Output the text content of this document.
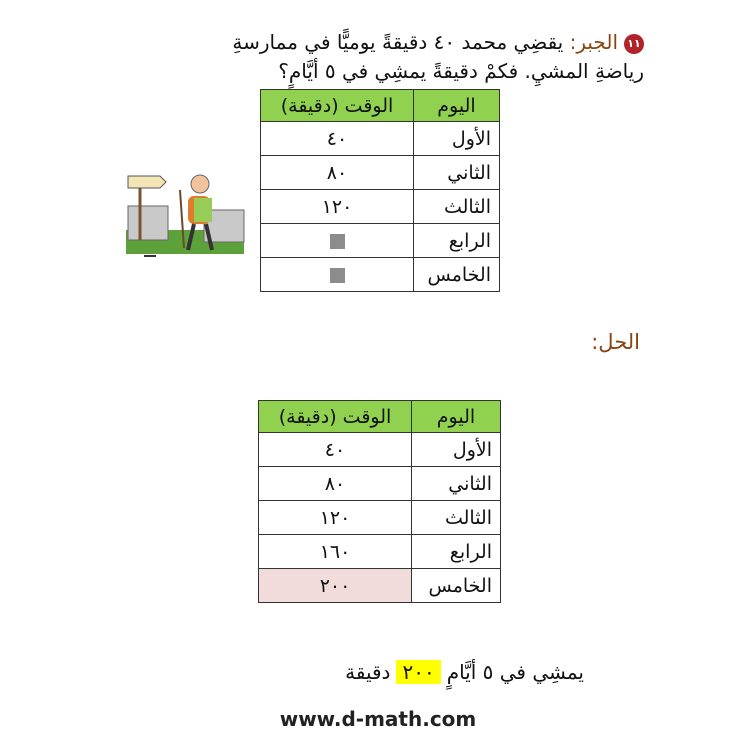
١١الجبر: يقضِي محمد ٤٠ دقيقةً يوميًّا في ممارسةِ
رياضةِ المشيِ. فكمْ دقيقةً يمشِي في ٥ أيَّامٍ؟
اليوم	الوقت (دقيقة)
الأول	٤٠
الثاني	٨٠
الثالث	١٢٠
الرابع	
الخامس	
الحل:
اليوم	الوقت (دقيقة)
الأول	٤٠
الثاني	٨٠
الثالث	١٢٠
الرابع	١٦٠
الخامس	٢٠٠
يمشِي في ٥ أيَّامٍ٢٠٠دقيقة
www.d-math.com
